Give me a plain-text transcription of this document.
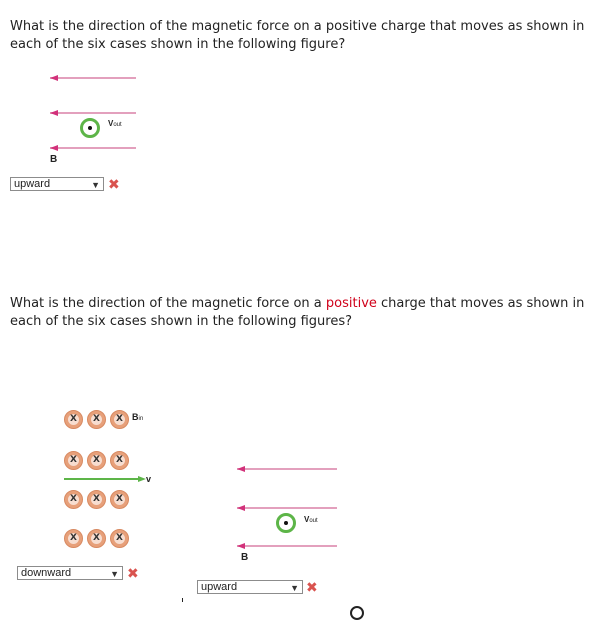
What is the direction of the magnetic force on a positive charge that moves as shown in each of the six cases shown in the following figure?

Vout
B
upward	▼ ✖

What is the direction of the magnetic force on a positive charge that moves as shown in each of the six cases shown in the following figures?

X X X Bin
X X X
v
X X X
X X X
downward	▼ ✖
Vout
B
upward	▼ ✖
